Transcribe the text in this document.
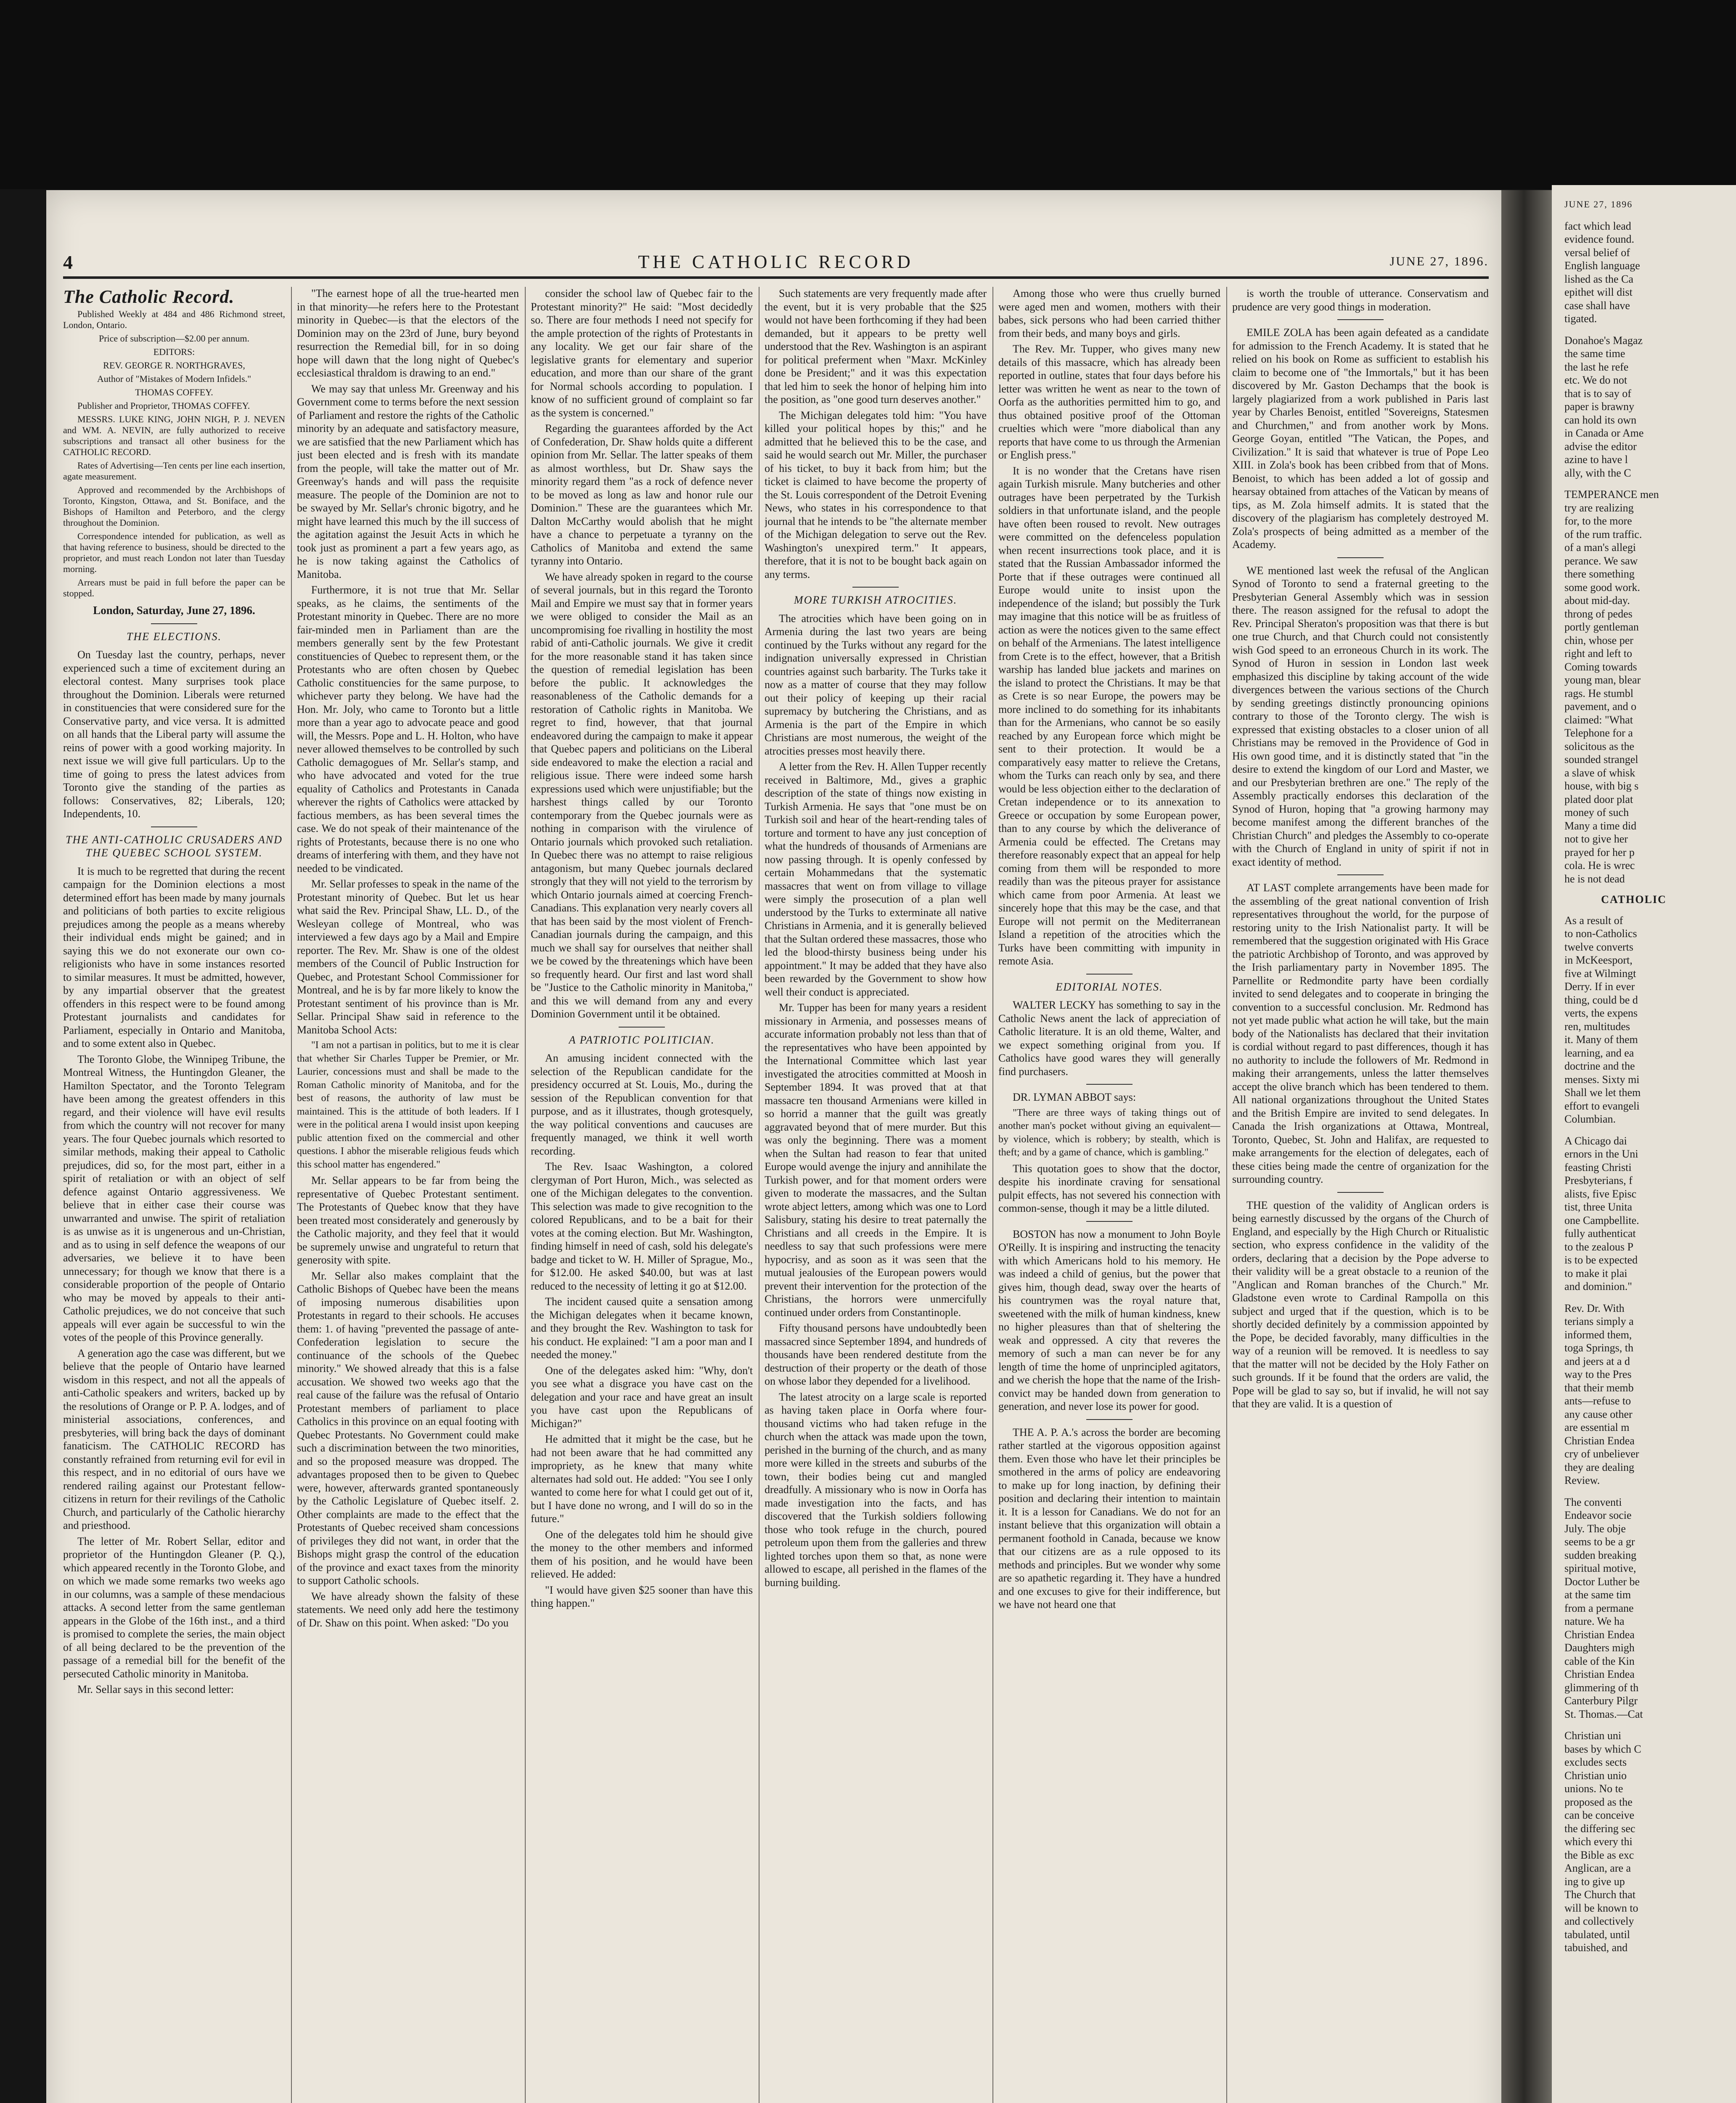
4	THE CATHOLIC RECORD	JUNE 27, 1896.
The Catholic Record.

Published Weekly at 484 and 486 Richmond street, London, Ontario.

Price of subscription—$2.00 per annum.

EDITORS:

REV. GEORGE R. NORTHGRAVES,

Author of "Mistakes of Modern Infidels."

THOMAS COFFEY.

Publisher and Proprietor, THOMAS COFFEY.

MESSRS. LUKE KING, JOHN NIGH, P. J. NEVEN and WM. A. NEVIN, are fully authorized to receive subscriptions and transact all other business for the CATHOLIC RECORD.

Rates of Advertising—Ten cents per line each insertion, agate measurement.

Approved and recommended by the Archbishops of Toronto, Kingston, Ottawa, and St. Boniface, and the Bishops of Hamilton and Peterboro, and the clergy throughout the Dominion.

Correspondence intended for publication, as well as that having reference to business, should be directed to the proprietor, and must reach London not later than Tuesday morning.

Arrears must be paid in full before the paper can be stopped.

London, Saturday, June 27, 1896.
THE ELECTIONS.

On Tuesday last the country, perhaps, never experienced such a time of excitement during an electoral contest. Many surprises took place throughout the Dominion. Liberals were returned in constituencies that were considered sure for the Conservative party, and vice versa. It is admitted on all hands that the Liberal party will assume the reins of power with a good working majority. In next issue we will give full particulars. Up to the time of going to press the latest advices from Toronto give the standing of the parties as follows: Conservatives, 82; Liberals, 120; Independents, 10.

THE ANTI-CATHOLIC CRUSADERS AND THE QUEBEC SCHOOL SYSTEM.

It is much to be regretted that during the recent campaign for the Dominion elections a most determined effort has been made by many journals and politicians of both parties to excite religious prejudices among the people as a means whereby their individual ends might be gained; and in saying this we do not exonerate our own co-religionists who have in some instances resorted to similar measures. It must be admitted, however, by any impartial observer that the greatest offenders in this respect were to be found among Protestant journalists and candidates for Parliament, especially in Ontario and Manitoba, and to some extent also in Quebec.

The Toronto Globe, the Winnipeg Tribune, the Montreal Witness, the Huntingdon Gleaner, the Hamilton Spectator, and the Toronto Telegram have been among the greatest offenders in this regard, and their violence will have evil results from which the country will not recover for many years. The four Quebec journals which resorted to similar methods, making their appeal to Catholic prejudices, did so, for the most part, either in a spirit of retaliation or with an object of self defence against Ontario aggressiveness. We believe that in either case their course was unwarranted and unwise. The spirit of retaliation is as unwise as it is ungenerous and un-Christian, and as to using in self defence the weapons of our adversaries, we believe it to have been unnecessary; for though we know that there is a considerable proportion of the people of Ontario who may be moved by appeals to their anti-Catholic prejudices, we do not conceive that such appeals will ever again be successful to win the votes of the people of this Province generally.

A generation ago the case was different, but we believe that the people of Ontario have learned wisdom in this respect, and not all the appeals of anti-Catholic speakers and writers, backed up by the resolutions of Orange or P. P. A. lodges, and of ministerial associations, conferences, and presbyteries, will bring back the days of dominant fanaticism. The CATHOLIC RECORD has constantly refrained from returning evil for evil in this respect, and in no editorial of ours have we rendered railing against our Protestant fellow-citizens in return for their revilings of the Catholic Church, and particularly of the Catholic hierarchy and priesthood.

The letter of Mr. Robert Sellar, editor and proprietor of the Huntingdon Gleaner (P. Q.), which appeared recently in the Toronto Globe, and on which we made some remarks two weeks ago in our columns, was a sample of these mendacious attacks. A second letter from the same gentleman appears in the Globe of the 16th inst., and a third is promised to complete the series, the main object of all being declared to be the prevention of the passage of a remedial bill for the benefit of the persecuted Catholic minority in Manitoba.

Mr. Sellar says in this second letter:

"The earnest hope of all the true-hearted men in that minority—he refers here to the Protestant minority in Quebec—is that the electors of the Dominion may on the 23rd of June, bury beyond resurrection the Remedial bill, for in so doing hope will dawn that the long night of Quebec's ecclesiastical thraldom is drawing to an end."

We may say that unless Mr. Greenway and his Government come to terms before the next session of Parliament and restore the rights of the Catholic minority by an adequate and satisfactory measure, we are satisfied that the new Parliament which has just been elected and is fresh with its mandate from the people, will take the matter out of Mr. Greenway's hands and will pass the requisite measure. The people of the Dominion are not to be swayed by Mr. Sellar's chronic bigotry, and he might have learned this much by the ill success of the agitation against the Jesuit Acts in which he took just as prominent a part a few years ago, as he is now taking against the Catholics of Manitoba.

Furthermore, it is not true that Mr. Sellar speaks, as he claims, the sentiments of the Protestant minority in Quebec. There are no more fair-minded men in Parliament than are the members generally sent by the few Protestant constituencies of Quebec to represent them, or the Protestants who are often chosen by Quebec Catholic constituencies for the same purpose, to whichever party they belong. We have had the Hon. Mr. Joly, who came to Toronto but a little more than a year ago to advocate peace and good will, the Messrs. Pope and L. H. Holton, who have never allowed themselves to be controlled by such Catholic demagogues of Mr. Sellar's stamp, and who have advocated and voted for the true equality of Catholics and Protestants in Canada wherever the rights of Catholics were attacked by factious members, as has been several times the case. We do not speak of their maintenance of the rights of Protestants, because there is no one who dreams of interfering with them, and they have not needed to be vindicated.

Mr. Sellar professes to speak in the name of the Protestant minority of Quebec. But let us hear what said the Rev. Principal Shaw, LL. D., of the Wesleyan college of Montreal, who was interviewed a few days ago by a Mail and Empire reporter. The Rev. Mr. Shaw is one of the oldest members of the Council of Public Instruction for Quebec, and Protestant School Commissioner for Montreal, and he is by far more likely to know the Protestant sentiment of his province than is Mr. Sellar. Principal Shaw said in reference to the Manitoba School Acts:

"I am not a partisan in politics, but to me it is clear that whether Sir Charles Tupper be Premier, or Mr. Laurier, concessions must and shall be made to the Roman Catholic minority of Manitoba, and for the best of reasons, the authority of law must be maintained. This is the attitude of both leaders. If I were in the political arena I would insist upon keeping public attention fixed on the commercial and other questions. I abhor the miserable religious feuds which this school matter has engendered."

Mr. Sellar appears to be far from being the representative of Quebec Protestant sentiment. The Protestants of Quebec know that they have been treated most considerately and generously by the Catholic majority, and they feel that it would be supremely unwise and ungrateful to return that generosity with spite.

Mr. Sellar also makes complaint that the Catholic Bishops of Quebec have been the means of imposing numerous disabilities upon Protestants in regard to their schools. He accuses them: 1. of having "prevented the passage of ante-Confederation legislation to secure the continuance of the schools of the Quebec minority." We showed already that this is a false accusation. We showed two weeks ago that the real cause of the failure was the refusal of Ontario Protestant members of parliament to place Catholics in this province on an equal footing with Quebec Protestants. No Government could make such a discrimination between the two minorities, and so the proposed measure was dropped. The advantages proposed then to be given to Quebec were, however, afterwards granted spontaneously by the Catholic Legislature of Quebec itself. 2. Other complaints are made to the effect that the Protestants of Quebec received sham concessions of privileges they did not want, in order that the Bishops might grasp the control of the education of the province and exact taxes from the minority to support Catholic schools.

We have already shown the falsity of these statements. We need only add here the testimony of Dr. Shaw on this point. When asked: "Do you

consider the school law of Quebec fair to the Protestant minority?" He said: "Most decidedly so. There are four methods I need not specify for the ample protection of the rights of Protestants in any locality. We get our fair share of the legislative grants for elementary and superior education, and more than our share of the grant for Normal schools according to population. I know of no sufficient ground of complaint so far as the system is concerned."

Regarding the guarantees afforded by the Act of Confederation, Dr. Shaw holds quite a different opinion from Mr. Sellar. The latter speaks of them as almost worthless, but Dr. Shaw says the minority regard them "as a rock of defence never to be moved as long as law and honor rule our Dominion." These are the guarantees which Mr. Dalton McCarthy would abolish that he might have a chance to perpetuate a tyranny on the Catholics of Manitoba and extend the same tyranny into Ontario.

We have already spoken in regard to the course of several journals, but in this regard the Toronto Mail and Empire we must say that in former years we were obliged to consider the Mail as an uncompromising foe rivalling in hostility the most rabid of anti-Catholic journals. We give it credit for the more reasonable stand it has taken since the question of remedial legislation has been before the public. It acknowledges the reasonableness of the Catholic demands for a restoration of Catholic rights in Manitoba. We regret to find, however, that that journal endeavored during the campaign to make it appear that Quebec papers and politicians on the Liberal side endeavored to make the election a racial and religious issue. There were indeed some harsh expressions used which were unjustifiable; but the harshest things called by our Toronto contemporary from the Quebec journals were as nothing in comparison with the virulence of Ontario journals which provoked such retaliation. In Quebec there was no attempt to raise religious antagonism, but many Quebec journals declared strongly that they will not yield to the terrorism by which Ontario journals aimed at coercing French-Canadians. This explanation very nearly covers all that has been said by the most violent of French-Canadian journals during the campaign, and this much we shall say for ourselves that neither shall we be cowed by the threatenings which have been so frequently heard. Our first and last word shall be "Justice to the Catholic minority in Manitoba," and this we will demand from any and every Dominion Government until it be obtained.

A PATRIOTIC POLITICIAN.

An amusing incident connected with the selection of the Republican candidate for the presidency occurred at St. Louis, Mo., during the session of the Republican convention for that purpose, and as it illustrates, though grotesquely, the way political conventions and caucuses are frequently managed, we think it well worth recording.

The Rev. Isaac Washington, a colored clergyman of Port Huron, Mich., was selected as one of the Michigan delegates to the convention. This selection was made to give recognition to the colored Republicans, and to be a bait for their votes at the coming election. But Mr. Washington, finding himself in need of cash, sold his delegate's badge and ticket to W. H. Miller of Sprague, Mo., for $12.00. He asked $40.00, but was at last reduced to the necessity of letting it go at $12.00.

The incident caused quite a sensation among the Michigan delegates when it became known, and they brought the Rev. Washington to task for his conduct. He explained: "I am a poor man and I needed the money."

One of the delegates asked him: "Why, don't you see what a disgrace you have cast on the delegation and your race and have great an insult you have cast upon the Republicans of Michigan?"

He admitted that it might be the case, but he had not been aware that he had committed any impropriety, as he knew that many white alternates had sold out. He added: "You see I only wanted to come here for what I could get out of it, but I have done no wrong, and I will do so in the future."

One of the delegates told him he should give the money to the other members and informed them of his position, and he would have been relieved. He added:

"I would have given $25 sooner than have this thing happen."

Such statements are very frequently made after the event, but it is very probable that the $25 would not have been forthcoming if they had been demanded, but it appears to be pretty well understood that the Rev. Washington is an aspirant for political preferment when "Maxr. McKinley done be President;" and it was this expectation that led him to seek the honor of helping him into the position, as "one good turn deserves another."

The Michigan delegates told him: "You have killed your political hopes by this;" and he admitted that he believed this to be the case, and said he would search out Mr. Miller, the purchaser of his ticket, to buy it back from him; but the ticket is claimed to have become the property of the St. Louis correspondent of the Detroit Evening News, who states in his correspondence to that journal that he intends to be "the alternate member of the Michigan delegation to serve out the Rev. Washington's unexpired term." It appears, therefore, that it is not to be bought back again on any terms.

MORE TURKISH ATROCITIES.

The atrocities which have been going on in Armenia during the last two years are being continued by the Turks without any regard for the indignation universally expressed in Christian countries against such barbarity. The Turks take it now as a matter of course that they may follow out their policy of keeping up their racial supremacy by butchering the Christians, and as Armenia is the part of the Empire in which Christians are most numerous, the weight of the atrocities presses most heavily there.

A letter from the Rev. H. Allen Tupper recently received in Baltimore, Md., gives a graphic description of the state of things now existing in Turkish Armenia. He says that "one must be on Turkish soil and hear of the heart-rending tales of torture and torment to have any just conception of what the hundreds of thousands of Armenians are now passing through. It is openly confessed by certain Mohammedans that the systematic massacres that went on from village to village were simply the prosecution of a plan well understood by the Turks to exterminate all native Christians in Armenia, and it is generally believed that the Sultan ordered these massacres, those who led the blood-thirsty business being under his appointment." It may be added that they have also been rewarded by the Government to show how well their conduct is appreciated.

Mr. Tupper has been for many years a resident missionary in Armenia, and possesses means of accurate information probably not less than that of the representatives who have been appointed by the International Committee which last year investigated the atrocities committed at Moosh in September 1894. It was proved that at that massacre ten thousand Armenians were killed in so horrid a manner that the guilt was greatly aggravated beyond that of mere murder. But this was only the beginning. There was a moment when the Sultan had reason to fear that united Europe would avenge the injury and annihilate the Turkish power, and for that moment orders were given to moderate the massacres, and the Sultan wrote abject letters, among which was one to Lord Salisbury, stating his desire to treat paternally the Christians and all creeds in the Empire. It is needless to say that such professions were mere hypocrisy, and as soon as it was seen that the mutual jealousies of the European powers would prevent their intervention for the protection of the Christians, the horrors were unmercifully continued under orders from Constantinople.

Fifty thousand persons have undoubtedly been massacred since September 1894, and hundreds of thousands have been rendered destitute from the destruction of their property or the death of those on whose labor they depended for a livelihood.

The latest atrocity on a large scale is reported as having taken place in Oorfa where four-thousand victims who had taken refuge in the church when the attack was made upon the town, perished in the burning of the church, and as many more were killed in the streets and suburbs of the town, their bodies being cut and mangled dreadfully. A missionary who is now in Oorfa has made investigation into the facts, and has discovered that the Turkish soldiers following those who took refuge in the church, poured petroleum upon them from the galleries and threw lighted torches upon them so that, as none were allowed to escape, all perished in the flames of the burning building.

Among those who were thus cruelly burned were aged men and women, mothers with their babes, sick persons who had been carried thither from their beds, and many boys and girls.

The Rev. Mr. Tupper, who gives many new details of this massacre, which has already been reported in outline, states that four days before his letter was written he went as near to the town of Oorfa as the authorities permitted him to go, and thus obtained positive proof of the Ottoman cruelties which were "more diabolical than any reports that have come to us through the Armenian or English press."

It is no wonder that the Cretans have risen again Turkish misrule. Many butcheries and other outrages have been perpetrated by the Turkish soldiers in that unfortunate island, and the people have often been roused to revolt. New outrages were committed on the defenceless population when recent insurrections took place, and it is stated that the Russian Ambassador informed the Porte that if these outrages were continued all Europe would unite to insist upon the independence of the island; but possibly the Turk may imagine that this notice will be as fruitless of action as were the notices given to the same effect on behalf of the Armenians. The latest intelligence from Crete is to the effect, however, that a British warship has landed blue jackets and marines on the island to protect the Christians. It may be that as Crete is so near Europe, the powers may be more inclined to do something for its inhabitants than for the Armenians, who cannot be so easily reached by any European force which might be sent to their protection. It would be a comparatively easy matter to relieve the Cretans, whom the Turks can reach only by sea, and there would be less objection either to the declaration of Cretan independence or to its annexation to Greece or occupation by some European power, than to any course by which the deliverance of Armenia could be effected. The Cretans may therefore reasonably expect that an appeal for help coming from them will be responded to more readily than was the piteous prayer for assistance which came from poor Armenia. At least we sincerely hope that this may be the case, and that Europe will not permit on the Mediterranean Island a repetition of the atrocities which the Turks have been committing with impunity in remote Asia.

EDITORIAL NOTES.

WALTER LECKY has something to say in the Catholic News anent the lack of appreciation of Catholic literature. It is an old theme, Walter, and we expect something original from you. If Catholics have good wares they will generally find purchasers.

DR. LYMAN ABBOT says:

"There are three ways of taking things out of another man's pocket without giving an equivalent—by violence, which is robbery; by stealth, which is theft; and by a game of chance, which is gambling."

This quotation goes to show that the doctor, despite his inordinate craving for sensational pulpit effects, has not severed his connection with common-sense, though it may be a little diluted.

BOSTON has now a monument to John Boyle O'Reilly. It is inspiring and instructing the tenacity with which Americans hold to his memory. He was indeed a child of genius, but the power that gives him, though dead, sway over the hearts of his countrymen was the royal nature that, sweetened with the milk of human kindness, knew no higher pleasures than that of sheltering the weak and oppressed. A city that reveres the memory of such a man can never be for any length of time the home of unprincipled agitators, and we cherish the hope that the name of the Irish-convict may be handed down from generation to generation, and never lose its power for good.

THE A. P. A.'s across the border are becoming rather startled at the vigorous opposition against them. Even those who have let their principles be smothered in the arms of policy are endeavoring to make up for long inaction, by defining their position and declaring their intention to maintain it. It is a lesson for Canadians. We do not for an instant believe that this organization will obtain a permanent foothold in Canada, because we know that our citizens are as a rule opposed to its methods and principles. But we wonder why some are so apathetic regarding it. They have a hundred and one excuses to give for their indifference, but we have not heard one that

is worth the trouble of utterance. Conservatism and prudence are very good things in moderation.

EMILE ZOLA has been again defeated as a candidate for admission to the French Academy. It is stated that he relied on his book on Rome as sufficient to establish his claim to become one of "the Immortals," but it has been discovered by Mr. Gaston Dechamps that the book is largely plagiarized from a work published in Paris last year by Charles Benoist, entitled "Sovereigns, Statesmen and Churchmen," and from another work by Mons. George Goyan, entitled "The Vatican, the Popes, and Civilization." It is said that whatever is true of Pope Leo XIII. in Zola's book has been cribbed from that of Mons. Benoist, to which has been added a lot of gossip and hearsay obtained from attaches of the Vatican by means of tips, as M. Zola himself admits. It is stated that the discovery of the plagiarism has completely destroyed M. Zola's prospects of being admitted as a member of the Academy.

WE mentioned last week the refusal of the Anglican Synod of Toronto to send a fraternal greeting to the Presbyterian General Assembly which was in session there. The reason assigned for the refusal to adopt the Rev. Principal Sheraton's proposition was that there is but one true Church, and that Church could not consistently wish God speed to an erroneous Church in its work. The Synod of Huron in session in London last week emphasized this discipline by taking account of the wide divergences between the various sections of the Church by sending greetings distinctly pronouncing opinions contrary to those of the Toronto clergy. The wish is expressed that existing obstacles to a closer union of all Christians may be removed in the Providence of God in His own good time, and it is distinctly stated that "in the desire to extend the kingdom of our Lord and Master, we and our Presbyterian brethren are one." The reply of the Assembly practically endorses this declaration of the Synod of Huron, hoping that "a growing harmony may become manifest among the different branches of the Christian Church" and pledges the Assembly to co-operate with the Church of England in unity of spirit if not in exact identity of method.

AT LAST complete arrangements have been made for the assembling of the great national convention of Irish representatives throughout the world, for the purpose of restoring unity to the Irish Nationalist party. It will be remembered that the suggestion originated with His Grace the patriotic Archbishop of Toronto, and was approved by the Irish parliamentary party in November 1895. The Parnellite or Redmondite party have been cordially invited to send delegates and to cooperate in bringing the convention to a successful conclusion. Mr. Redmond has not yet made public what action he will take, but the main body of the Nationalists has declared that their invitation is cordial without regard to past differences, though it has no authority to include the followers of Mr. Redmond in making their arrangements, unless the latter themselves accept the olive branch which has been tendered to them. All national organizations throughout the United States and the British Empire are invited to send delegates. In Canada the Irish organizations at Ottawa, Montreal, Toronto, Quebec, St. John and Halifax, are requested to make arrangements for the election of delegates, each of these cities being made the centre of organization for the surrounding country.

THE question of the validity of Anglican orders is being earnestly discussed by the organs of the Church of England, and especially by the High Church or Ritualistic section, who express confidence in the validity of the orders, declaring that a decision by the Pope adverse to their validity will be a great obstacle to a reunion of the "Anglican and Roman branches of the Church." Mr. Gladstone even wrote to Cardinal Rampolla on this subject and urged that if the question, which is to be shortly decided definitely by a commission appointed by the Pope, be decided favorably, many difficulties in the way of a reunion will be removed. It is needless to say that the matter will not be decided by the Holy Father on such grounds. If it be found that the orders are valid, the Pope will be glad to say so, but if invalid, he will not say that they are valid. It is a question of

JUNE 27, 1896
fact which lead
evidence found.
versal belief of
English language
lished as the Ca
epithet will dist
case shall have
tigated.
Donahoe's Magaz
the same time
the last he refe
etc. We do not
that is to say of
paper is brawny
can hold its own
in Canada or Ame
advise the editor
azine to have l
ally, with the C
TEMPERANCE men
try are realizing
for, to the more
of the rum traffic.
of a man's allegi
perance. We saw
there something
some good work.
about mid-day.
throng of pedes
portly gentleman
chin, whose per
right and left to
Coming towards
young man, blear
rags. He stumbl
pavement, and o
claimed: "What
Telephone for a
solicitous as the
sounded strangel
a slave of whisk
house, with big s
plated door plat
money of such
Many a time did
not to give her
prayed for her p
cola. He is wrec
he is not dead
CATHOLIC
As a result of
to non-Catholics
twelve converts
in McKeesport,
five at Wilmingt
Derry. If in ever
thing, could be d
verts, the expens
ren, multitudes
it. Many of them
learning, and ea
doctrine and the
menses. Sixty mi
Shall we let them
effort to evangeli
Columbian.
A Chicago dai
ernors in the Uni
feasting Christi
Presbyterians, f
alists, five Episc
tist, three Unita
one Campbellite.
fully authenticat
to the zealous P
is to be expected
to make it plai
and dominion."
Rev. Dr. With
terians simply a
informed them,
toga Springs, th
and jeers at a d
way to the Pres
that their memb
ants—refuse to
any cause other
are essential m
Christian Endea
cry of unbeliever
they are dealing
Review.
The conventi
Endeavor socie
July. The obje
seems to be a gr
sudden breaking
spiritual motive,
Doctor Luther be
at the same tim
from a permane
nature. We ha
Christian Endea
Daughters migh
cable of the Kin
Christian Endea
glimmering of th
Canterbury Pilgr
St. Thomas.—Cat
Christian uni
bases by which C
excludes sects
Christian unio
unions. No te
proposed as the
can be conceive
the differing sec
which every thi
the Bible as exc
Anglican, are a
ing to give up
The Church that
will be known to
and collectively
tabulated, until
tabuished, and
